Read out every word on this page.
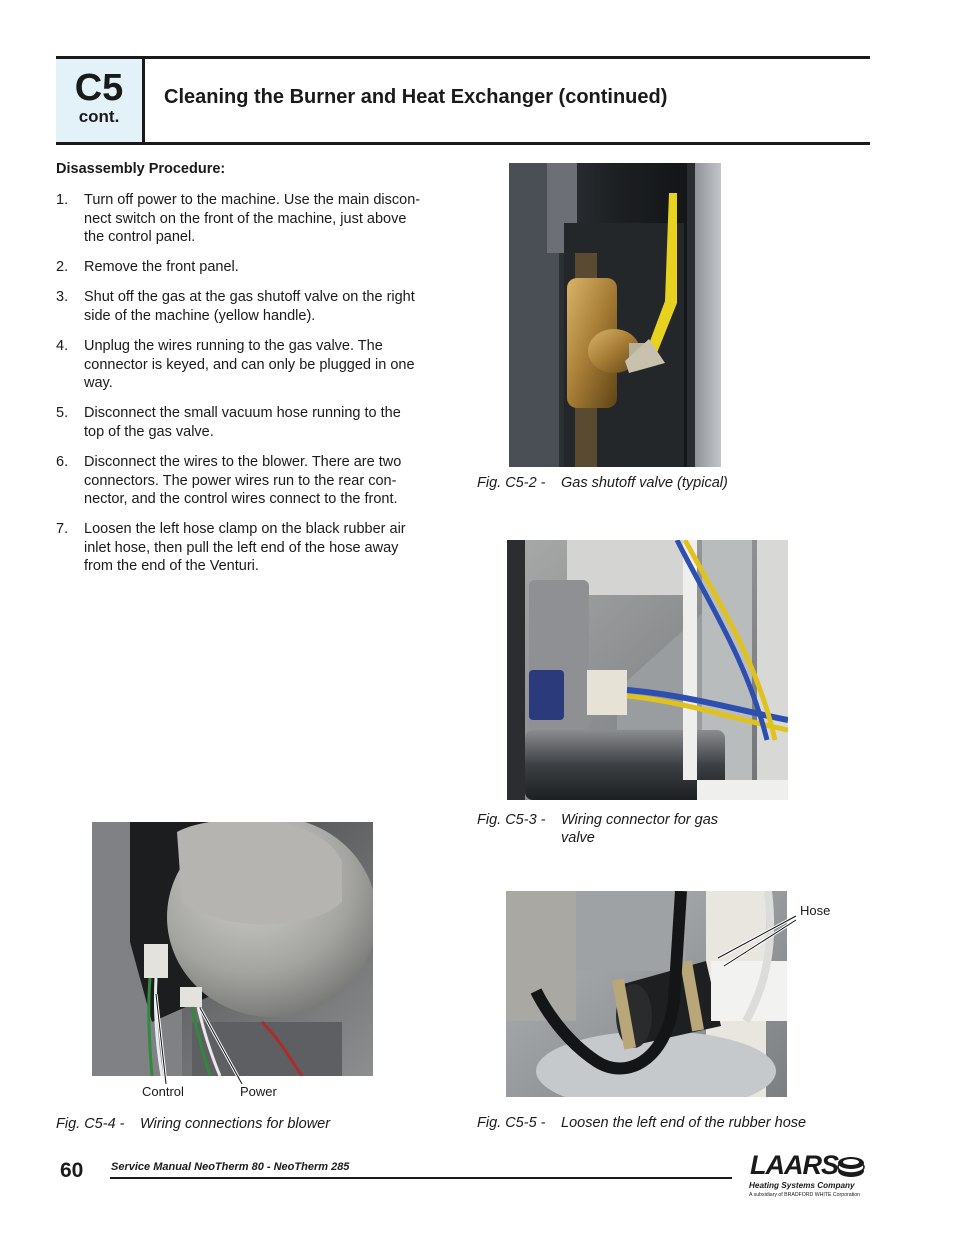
C5
cont.
Cleaning the Burner and Heat Exchanger (continued)
Disassembly Procedure:
1. Turn off power to the machine. Use the main discon-
nect switch on the front of the machine, just above
the control panel.
2. Remove the front panel.
3. Shut off the gas at the gas shutoff valve on the right
side of the machine (yellow handle).
4. Unplug the wires running to the gas valve. The
connector is keyed, and can only be plugged in one
way.
5. Disconnect the small vacuum hose running to the
top of the gas valve.
6. Disconnect the wires to the blower. There are two
connectors. The power wires run to the rear con-
nector, and the control wires connect to the front.
7. Loosen the left hose clamp on the black rubber air
inlet hose, then pull the left end of the hose away
from the end of the Venturi.
Fig. C5-2 - Gas shutoff valve (typical)
Fig. C5-3 - Wiring connector for gas
valve
Control	Power
Fig. C5-4 - Wiring connections for blower
Hose
Fig. C5-5 - Loosen the left end of the rubber hose
60	Service Manual NeoTherm 80 - NeoTherm 285	LAARS
Heating Systems Company
A subsidiary of BRADFORD WHITE Corporation
